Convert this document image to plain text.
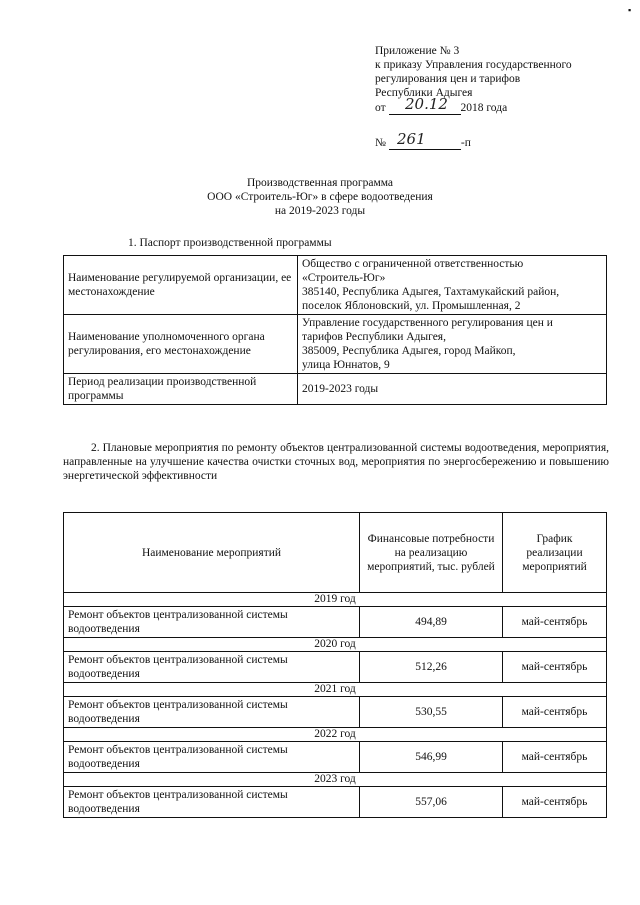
▪
Приложение № 3
к приказу Управления государственного
регулирования цен и тарифов
Республики Адыгея
от 20.12 2018 года
№ 261	-п
Производственная программа
ООО «Строитель-Юг» в сфере водоотведения
на 2019-2023 годы
1. Паспорт производственной программы
Наименование регулируемой организации, ее местонахождение	Общество с ограниченной ответственностью
«Строитель-Юг»
385140, Республика Адыгея, Тахтамукайский район,
поселок Яблоновский, ул. Промышленная, 2

Наименование уполномоченного органа регулирования, его местонахождение	Управление государственного регулирования цен и
тарифов Республики Адыгея,
385009, Республика Адыгея, город Майкоп,
улица Юннатов, 9

Период реализации производственной программы	2019-2023 годы

2. Плановые мероприятия по ремонту объектов централизованной системы водоотведения, мероприятия, направленные на улучшение качества очистки сточных вод, мероприятия по энергосбережению и повышению энергетической эффективности

Наименование мероприятий	Финансовые потребности на реализацию мероприятий, тыс. рублей	График реализации мероприятий
2019 год		
Ремонт объектов централизованной системы водоотведения	494,89	май-сентябрь
2020 год		
Ремонт объектов централизованной системы водоотведения	512,26	май-сентябрь
2021 год		
Ремонт объектов централизованной системы водоотведения	530,55	май-сентябрь
2022 год		
Ремонт объектов централизованной системы водоотведения	546,99	май-сентябрь
2023 год		
Ремонт объектов централизованной системы водоотведения	557,06	май-сентябрь
